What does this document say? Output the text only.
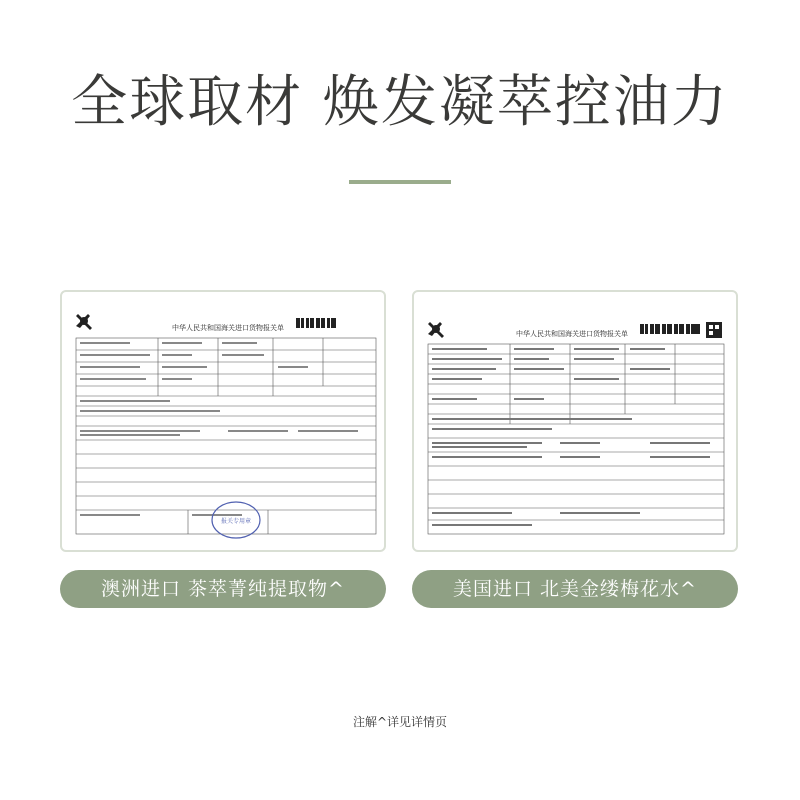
全球取材 焕发凝萃控油力
中华人民共和国海关进口货物报关单
报关专用章
中华人民共和国海关进口货物报关单
澳洲进口 茶萃菁纯提取物^	美国进口 北美金缕梅花水^
注解^详见详情页
